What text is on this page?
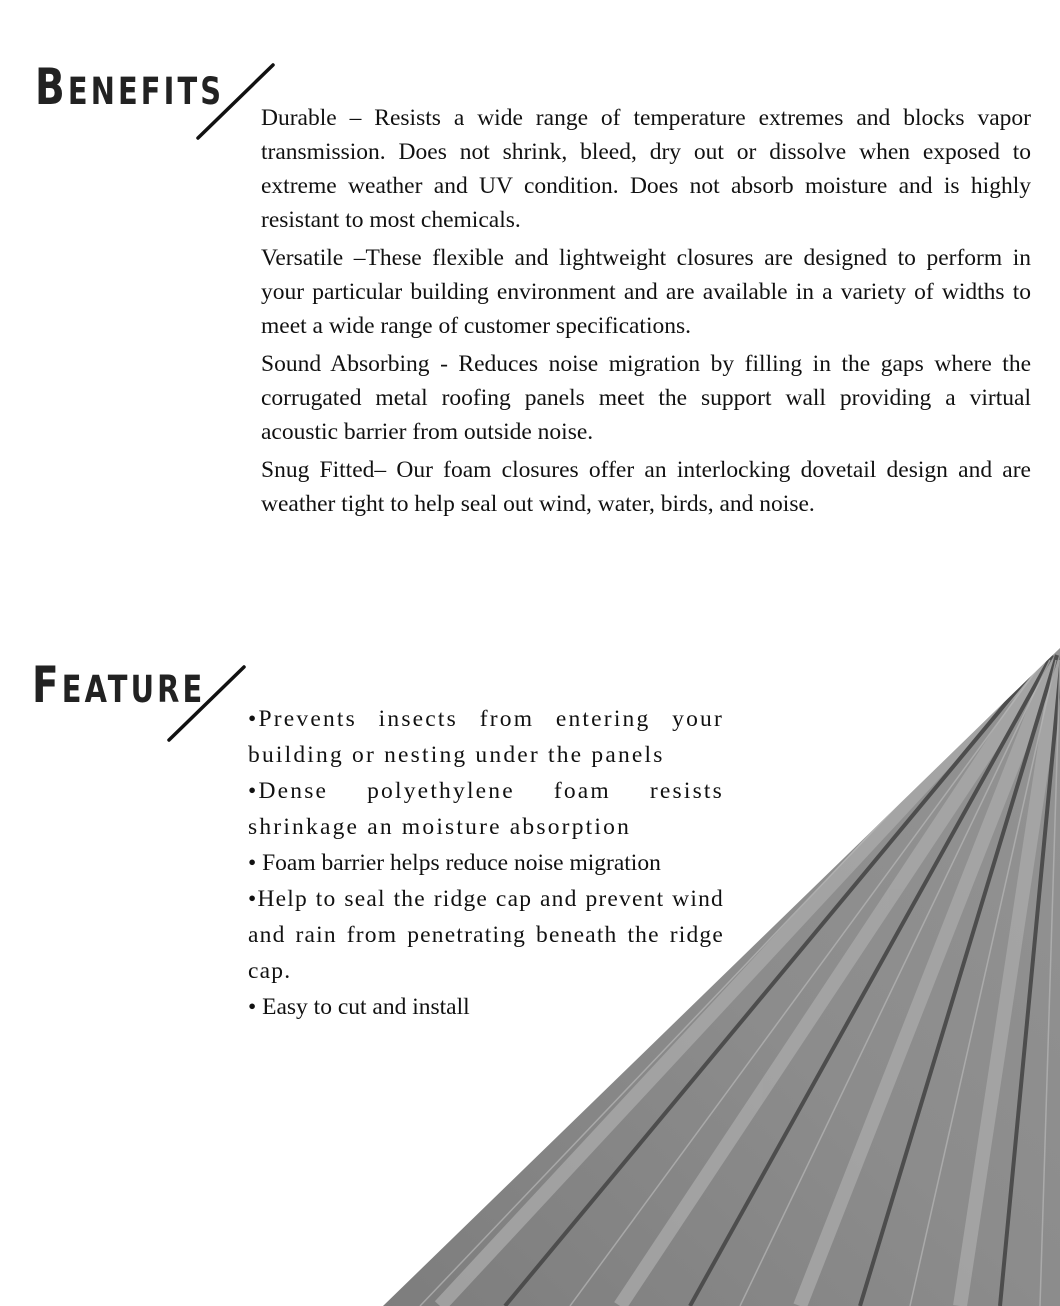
BENEFITS

Durable – Resists a wide range of temperature extremes and blocks vapor transmission. Does not shrink, bleed, dry out or dissolve when exposed to extreme weather and UV condition. Does not absorb moisture and is highly resistant to most chemicals.

Versatile –These flexible and lightweight closures are designed to perform in your particular building environment and are available in a variety of widths to meet a wide range of customer specifications.

Sound Absorbing - Reduces noise migration by filling in the gaps where the corrugated metal roofing panels meet the support wall providing a virtual acoustic barrier from outside noise.

Snug Fitted– Our foam closures offer an interlocking dovetail design and are weather tight to help seal out wind, water, birds, and noise.

FEATURE

•Prevents insects from entering your building or nesting under the panels

•Dense polyethylene foam resists shrinkage an moisture absorption

• Foam barrier helps reduce noise migration

•Help to seal the ridge cap and prevent wind and rain from penetrating beneath the ridge cap.

• Easy to cut and install
